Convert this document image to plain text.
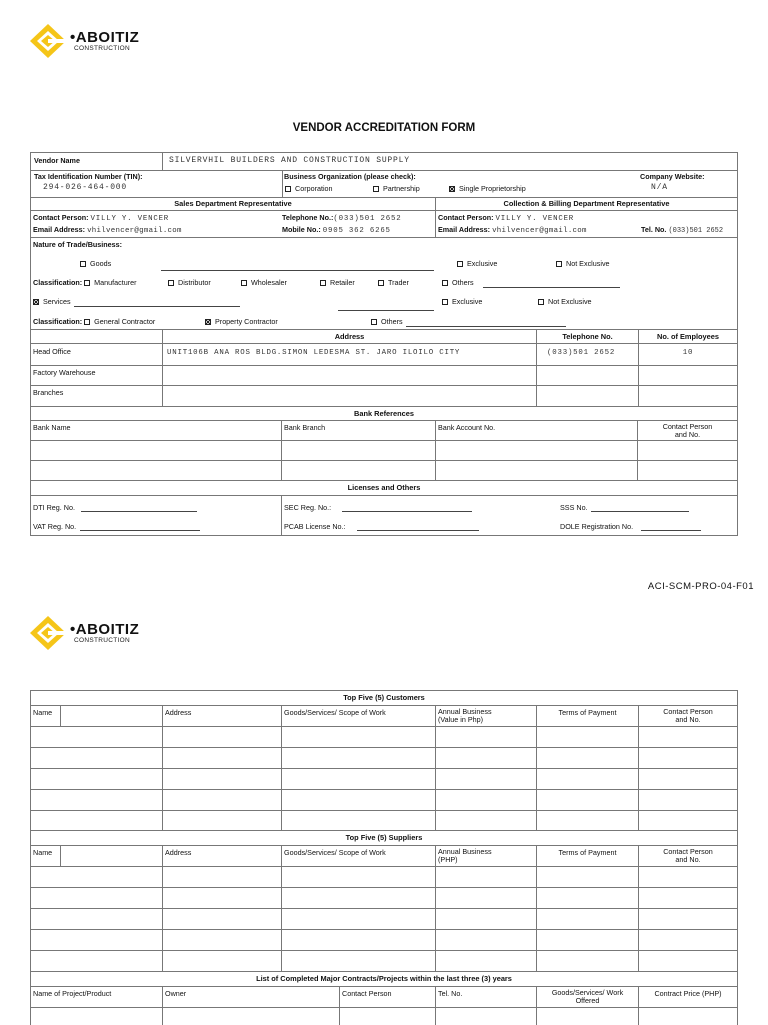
•ABOITIZ
CONSTRUCTION
VENDOR ACCREDITATION FORM
Vendor Name	SILVERVHIL BUILDERS AND CONSTRUCTION SUPPLY
Tax Identification Number (TIN):
294-026-464-000
Business Organization (please check):
Corporation	Partnership	Single Proprietorship
Company Website:
N/A
Sales Department Representative	Collection & Billing Department Representative
Contact Person: VILLY Y. VENCER
Email Address: vhilvencer@gmail.com
Telephone No.:(033)501 2652
Mobile No.: 0905 362 6265
Contact Person: VILLY Y. VENCER
Email Address: vhilvencer@gmail.com	Tel. No. (033)501 2652
Nature of Trade/Business:
Goods	Exclusive	Not Exclusive
Classification: Manufacturer	Distributor	Wholesaler	Retailer	Trader	Others
Services	Exclusive	Not Exclusive
Classification: General Contractor	Property Contractor	Others
Address	Telephone No.	No. of Employees
Head Office	UNIT106B ANA ROS BLDG.SIMON LEDESMA ST. JARO ILOILO CITY	(033)501 2652	10
Factory Warehouse
Branches
Bank References
Bank Name	Bank Branch	Bank Account No.	Contact Person
and No.
Licenses and Others
DTI Reg. No.
VAT Reg. No.
SEC Reg. No.:
PCAB License No.:
SSS No.
DOLE Registration No.
ACI-SCM-PRO-04-F01
•ABOITIZ
CONSTRUCTION
Top Five (5) Customers
Name	Address	Goods/Services/ Scope of Work	Annual Business
(Value in Php)
Terms of Payment	Contact Person
and No.
Top Five (5) Suppliers
Name	Address	Goods/Services/ Scope of Work	Annual Business
(PHP)
Terms of Payment	Contact Person
and No.
List of Completed Major Contracts/Projects within the last three (3) years
Name of Project/Product	Owner	Contact Person	Tel. No.	Goods/Services/ Work
Offered
Contract Price (PHP)
